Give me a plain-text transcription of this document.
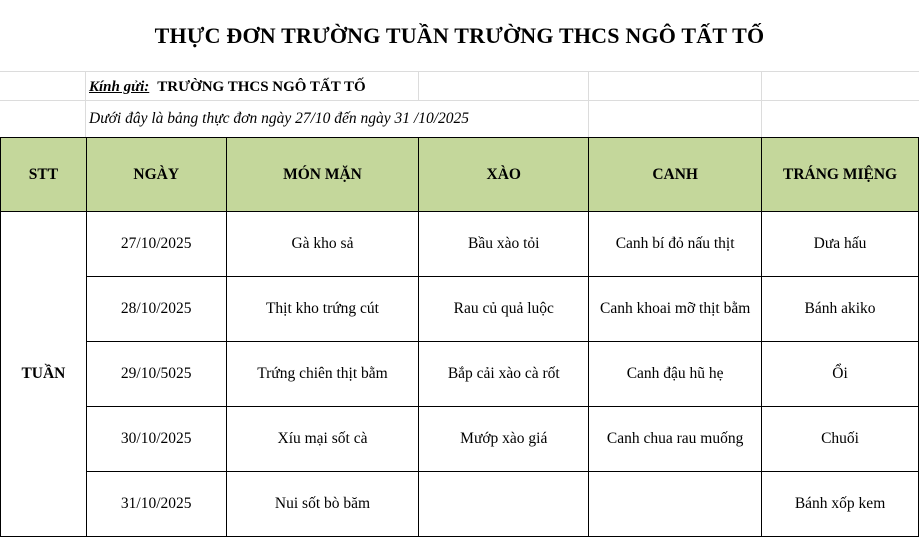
THỰC ĐƠN TRƯỜNG TUẦN TRƯỜNG THCS NGÔ TẤT TỐ
Kính gửi: TRƯỜNG THCS NGÔ TẤT TỐ
Dưới đây là bảng thực đơn ngày 27/10 đến ngày 31 /10/2025
STT	NGÀY	MÓN MẶN	XÀO	CANH	TRÁNG MIỆNG
TUẦN	27/10/2025	Gà kho sả	Bầu xào tỏi	Canh bí đỏ nấu thịt	Dưa hấu
	28/10/2025	Thịt kho trứng cút	Rau củ quả luộc	Canh khoai mỡ thịt bằm	Bánh akiko
	29/10/5025	Trứng chiên thịt bằm	Bắp cải xào cà rốt	Canh đậu hũ hẹ	Ổi
	30/10/2025	Xíu mại sốt cà	Mướp xào giá	Canh chua rau muống	Chuối
	31/10/2025	Nui sốt bò băm			Bánh xốp kem
